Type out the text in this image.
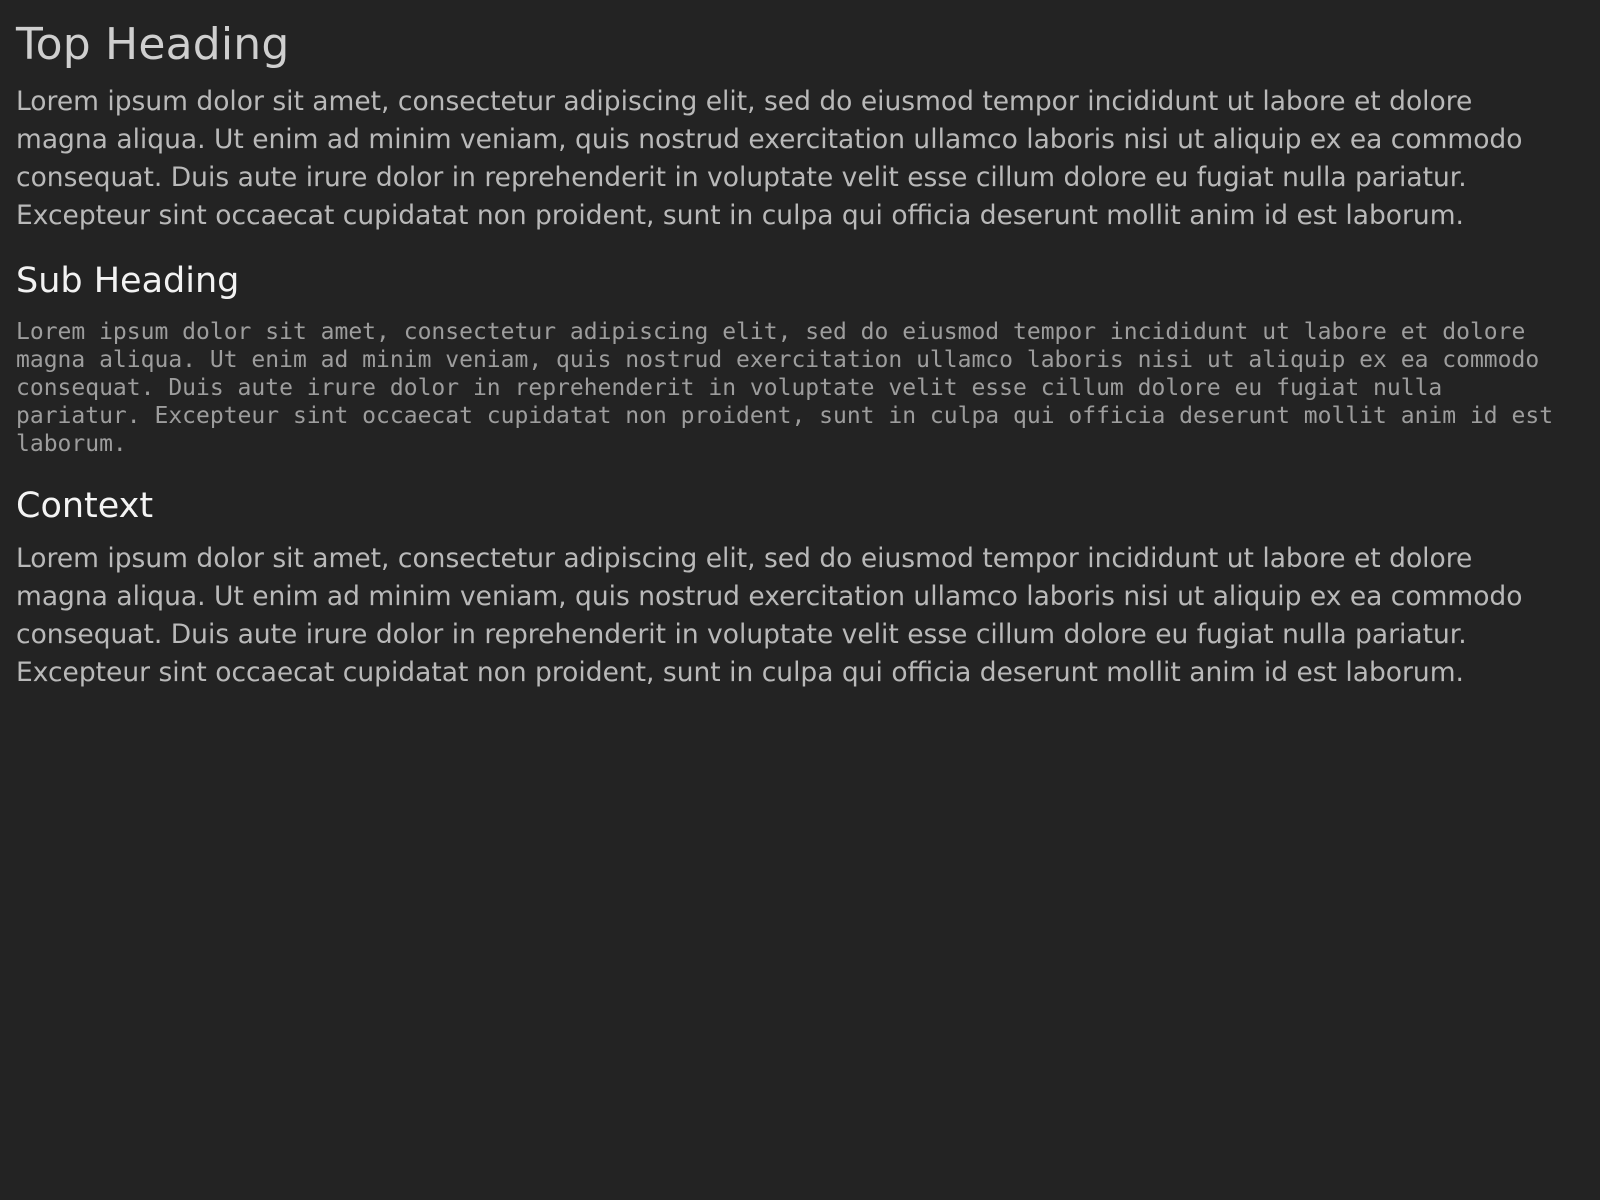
Top Heading

Lorem ipsum dolor sit amet, consectetur adipiscing elit, sed do eiusmod tempor incididunt ut labore et dolore magna aliqua. Ut enim ad minim veniam, quis nostrud exercitation ullamco laboris nisi ut aliquip ex ea commodo consequat. Duis aute irure dolor in reprehenderit in voluptate velit esse cillum dolore eu fugiat nulla pariatur. Excepteur sint occaecat cupidatat non proident, sunt in culpa qui officia deserunt mollit anim id est laborum.

Sub Heading
Lorem ipsum dolor sit amet, consectetur adipiscing elit, sed do eiusmod tempor incididunt ut labore et dolore magna aliqua. Ut enim ad minim veniam, quis nostrud exercitation ullamco laboris nisi ut aliquip ex ea commodo consequat. Duis aute irure dolor in reprehenderit in voluptate velit esse cillum dolore eu fugiat nulla pariatur. Excepteur sint occaecat cupidatat non proident, sunt in culpa qui officia deserunt mollit anim id est laborum.
Context

Lorem ipsum dolor sit amet, consectetur adipiscing elit, sed do eiusmod tempor incididunt ut labore et dolore magna aliqua. Ut enim ad minim veniam, quis nostrud exercitation ullamco laboris nisi ut aliquip ex ea commodo consequat. Duis aute irure dolor in reprehenderit in voluptate velit esse cillum dolore eu fugiat nulla pariatur. Excepteur sint occaecat cupidatat non proident, sunt in culpa qui officia deserunt mollit anim id est laborum.
